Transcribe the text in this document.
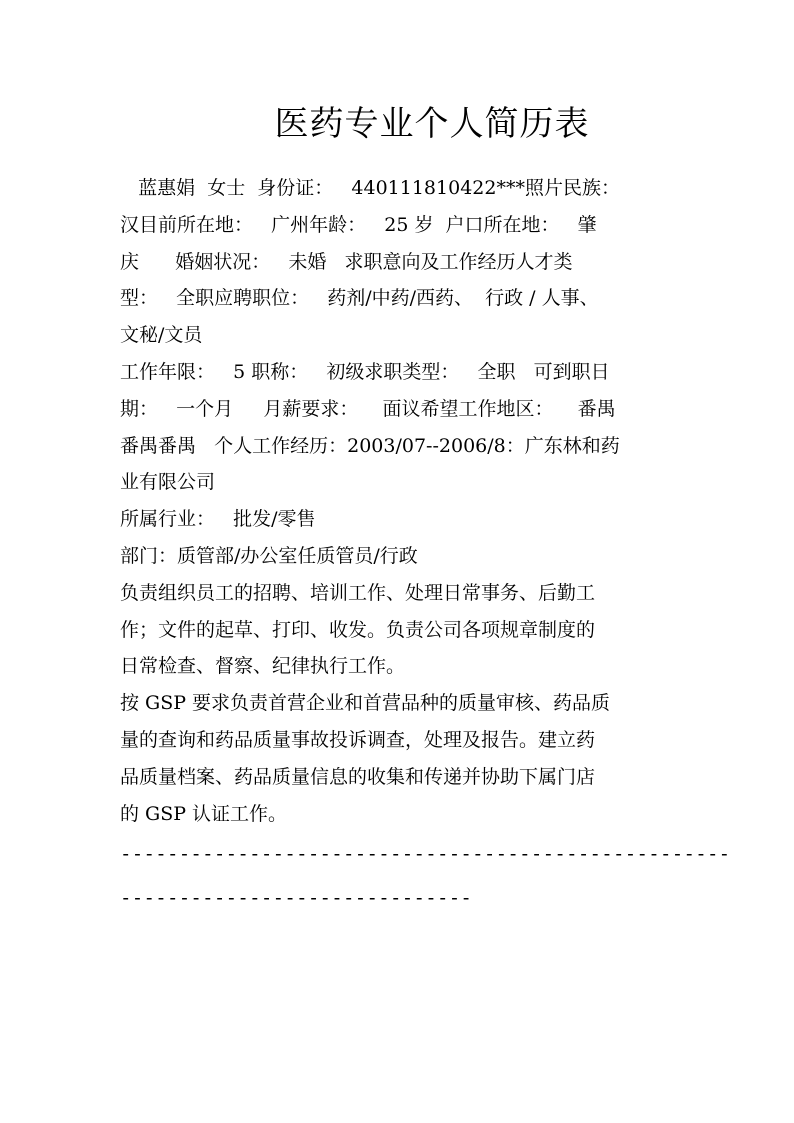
医药专业个人简历表
蓝惠娟  女士  身份证：   440111810422***照片民族：
汉目前所在地：   广州年龄：   25 岁  户口所在地：   肇
庆      婚姻状况：   未婚   求职意向及工作经历人才类
型：   全职应聘职位：   药剂/中药/西药、  行政 / 人事、
文秘/文员
工作年限：   5 职称：   初级求职类型：   全职   可到职日
期：   一个月     月薪要求：    面议希望工作地区：    番禺
番禺番禺   个人工作经历：2003/07--2006/8：广东林和药
业有限公司
所属行业：   批发/零售
部门：质管部/办公室任质管员/行政
负责组织员工的招聘、培训工作、处理日常事务、后勤工
作；文件的起草、打印、收发。负责公司各项规章制度的
日常检查、督察、纪律执行工作。
按 GSP 要求负责首营企业和首营品种的质量审核、药品质
量的查询和药品质量事故投诉调查，处理及报告。建立药
品质量档案、药品质量信息的收集和传递并协助下属门店
的 GSP 认证工作。
----------------------------------------------------
------------------------------
